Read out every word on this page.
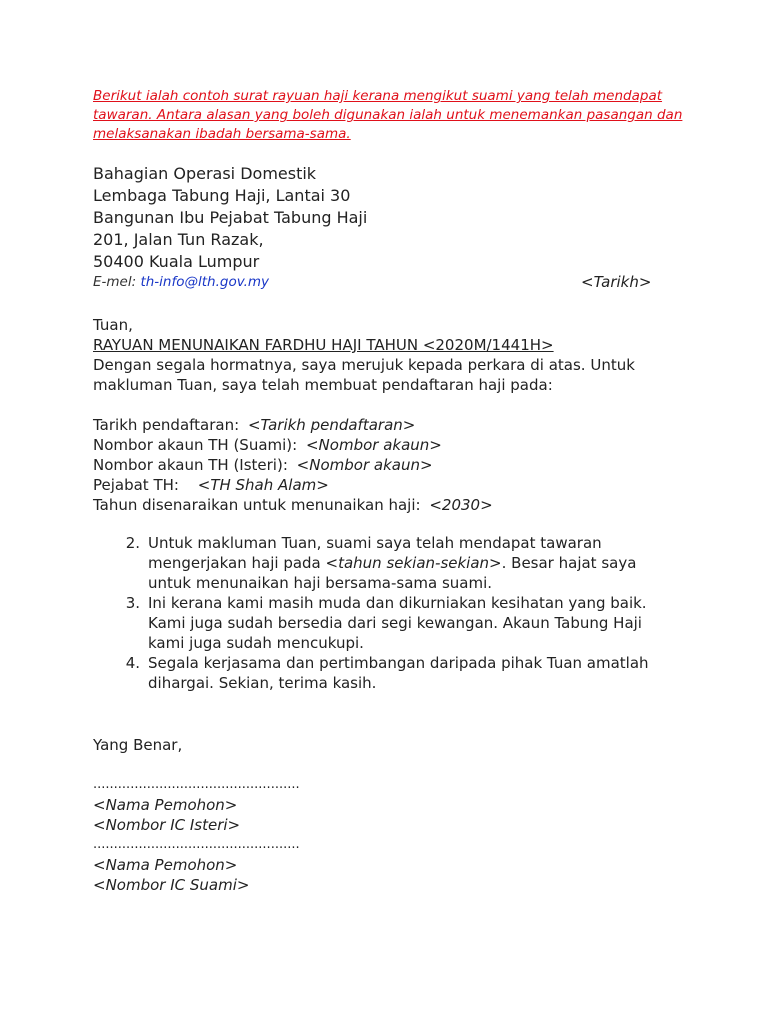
Berikut ialah contoh surat rayuan haji kerana mengikut suami yang telah mendapat tawaran. Antara alasan yang boleh digunakan ialah untuk menemankan pasangan dan melaksanakan ibadah bersama-sama.
Bahagian Operasi Domestik
Lembaga Tabung Haji, Lantai 30
Bangunan Ibu Pejabat Tabung Haji
201, Jalan Tun Razak,
50400 Kuala Lumpur
E-mel: th-info@lth.gov.my	<Tarikh>
Tuan,
RAYUAN MENUNAIKAN FARDHU HAJI TAHUN <2020M/1441H>
Dengan segala hormatnya, saya merujuk kepada perkara di atas. Untuk makluman Tuan, saya telah membuat pendaftaran haji pada:
Tarikh pendaftaran: <Tarikh pendaftaran>
Nombor akaun TH (Suami): <Nombor akaun>
Nombor akaun TH (Isteri): <Nombor akaun>
Pejabat TH: <TH Shah Alam>
Tahun disenaraikan untuk menunaikan haji: <2030>
2. Untuk makluman Tuan, suami saya telah mendapat tawaran mengerjakan haji pada <tahun sekian-sekian>. Besar hajat saya untuk menunaikan haji bersama-sama suami.
3. Ini kerana kami masih muda dan dikurniakan kesihatan yang baik. Kami juga sudah bersedia dari segi kewangan. Akaun Tabung Haji kami juga sudah mencukupi.
4. Segala kerjasama dan pertimbangan daripada pihak Tuan amatlah dihargai. Sekian, terima kasih.
Yang Benar,
..................................................
<Nama Pemohon>
<Nombor IC Isteri>
..................................................
<Nama Pemohon>
<Nombor IC Suami>
